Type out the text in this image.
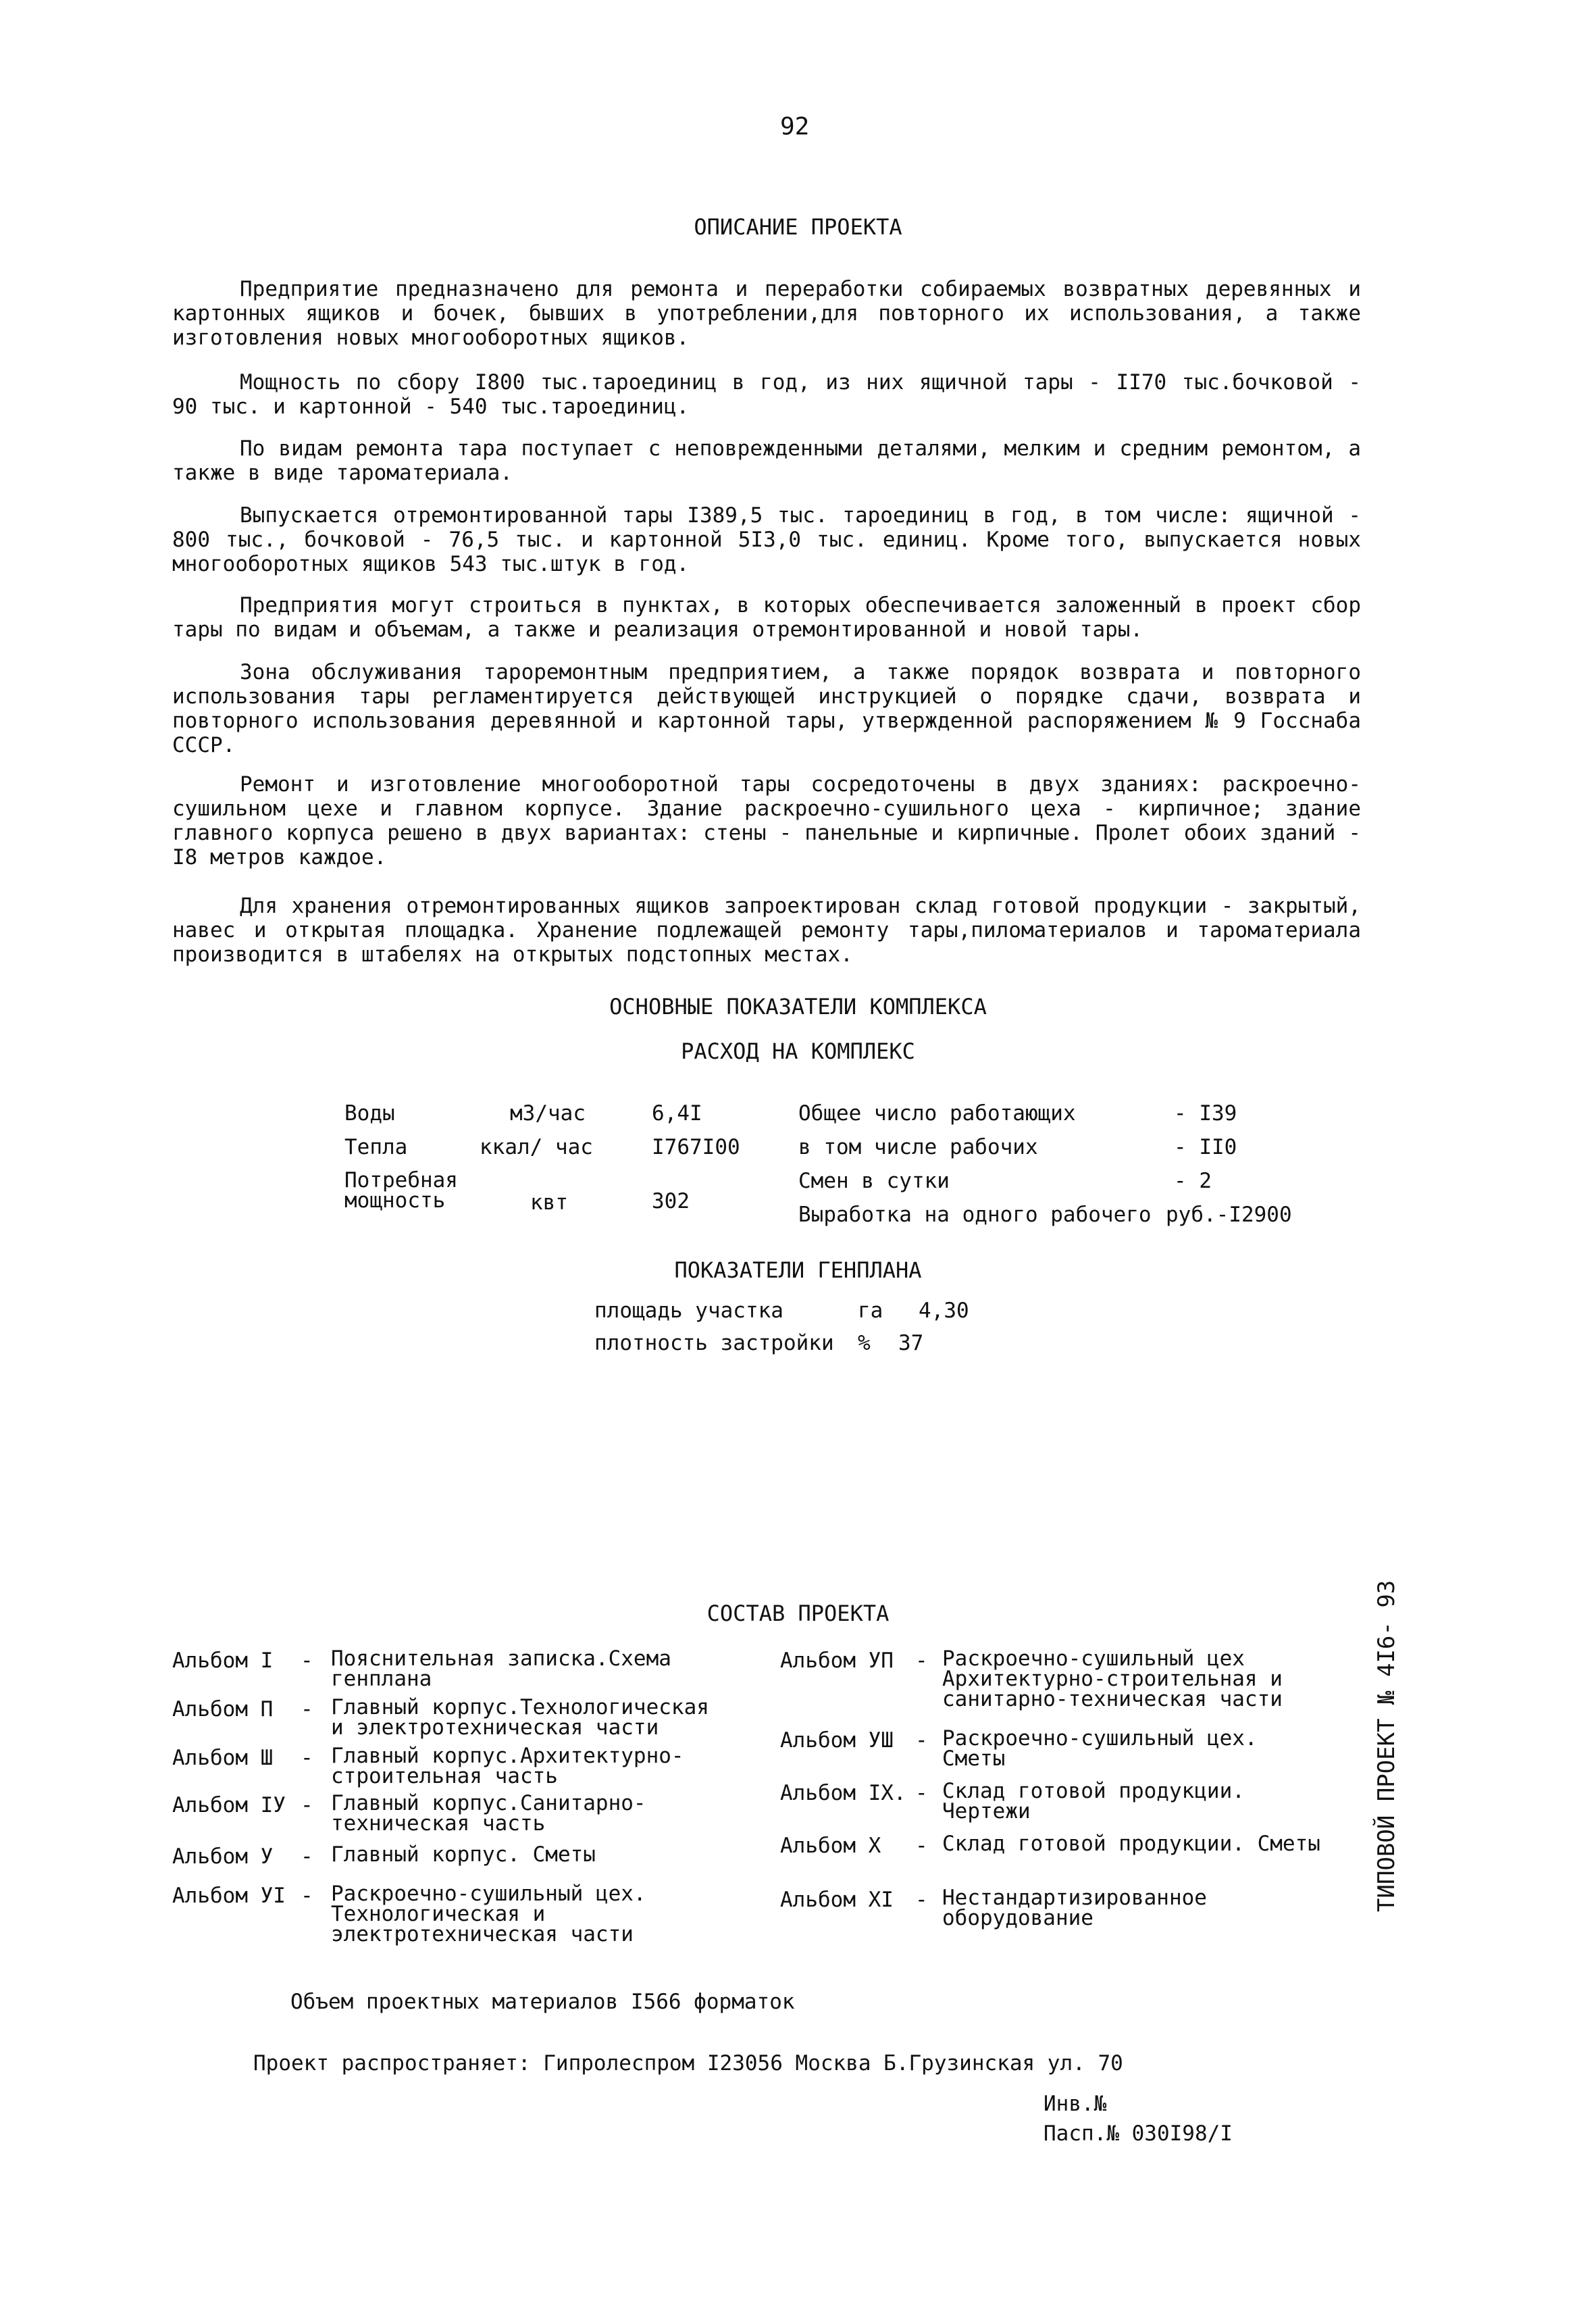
92
ОПИСАНИЕ ПРОЕКТА

Предприятие предназначено для ремонта и переработки собираемых возвратных деревянных и картонных ящиков и бочек, бывших в употреблении,для повторного их использования, а также изготовления новых многооборотных ящиков.

Мощность по сбору I800 тыс.тароединиц в год, из них ящичной тары - II70 тыс.бочковой - 90 тыс. и картонной - 540 тыс.тароединиц.

По видам ремонта тара поступает с неповрежденными деталями, мелким и средним ремонтом, а также в виде таромaтериала.

Выпускается отремонтированной тары I389,5 тыс. тароединиц в год, в том числе: ящичной - 800 тыс., бочковой - 76,5 тыс. и картонной 5I3,0 тыс. единиц. Кроме того, выпускается новых многооборотных ящиков 543 тыс.штук в год.

Предприятия могут строиться в пунктах, в которых обеспечивается заложенный в проект сбор тары по видам и объемам, а также и реализация отремонтированной и новой тары.

Зона обслуживания тароремонтным предприятием, а также порядок возврата и повторного использования тары регламентируется действующей инструкцией о порядке сдачи, возврата и повторного использования деревянной и картонной тары, утвержденной распоряжением № 9 Госснаба СССР.

Ремонт и изготовление многооборотной тары сосредоточены в двух зданиях: раскроечно-сушильном цехе и главном корпусе. Здание раскроечно-сушильного цеха - кирпичное; здание главного корпуса решено в двух вариантах: стены - панельные и кирпичные. Пролет обоих зданий - I8 метров каждое.

Для хранения отремонтированных ящиков запроектирован склад готовой продукции - закрытый, навес и открытая площадка. Хранение подлежащей ремонту тары,пиломатериалов и тароматериала производится в штабелях на открытых подстопных местах.

ОСНОВНЫЕ ПОКАЗАТЕЛИ КОМПЛЕКСА
РАСХОД НА КОМПЛЕКС
Воды	м3/час	6,4I
Тепла	ккал/ час	I767I00
Потребная мощность	квт	302
Общее число работающих	- I39
в том числе рабочих	- II0
Смен в сутки	- 2
Выработка на одного рабочего руб.-I2900
ПОКАЗАТЕЛИ ГЕНПЛАНА
площадь участка	га 4,30
плотность застройки % 37
СОСТАВ ПРОЕКТА
Альбом I - Пояснительная записка.Схема генплана
Альбом П - Главный корпус.Технологическая и электротехническая части
Альбом Ш - Главный корпус.Архитектурно-строительная часть
Альбом IУ - Главный корпус.Санитарно-техническая часть
Альбом У - Главный корпус. Сметы
Альбом УI - Раскроечно-сушильный цех. Технологическая и электротехническая части
Альбом УП - Раскроечно-сушильный цех Архитектурно-строительная и санитарно-техническая части
Альбом УШ - Раскроечно-сушильный цех. Сметы
Альбом IХ. - Склад готовой продукции. Чертежи
Альбом Х - Склад готовой продукции. Сметы
Альбом ХI - Нестандартизированное оборудование
Объем проектных материалов I566 форматок
Проект распространяет: Гипролеспром I23056 Москва Б.Грузинская ул. 70
Инв.№
Пасп.№ 030I98/I
ТИПОВОЙ ПРОЕКТ № 4I6- 93
